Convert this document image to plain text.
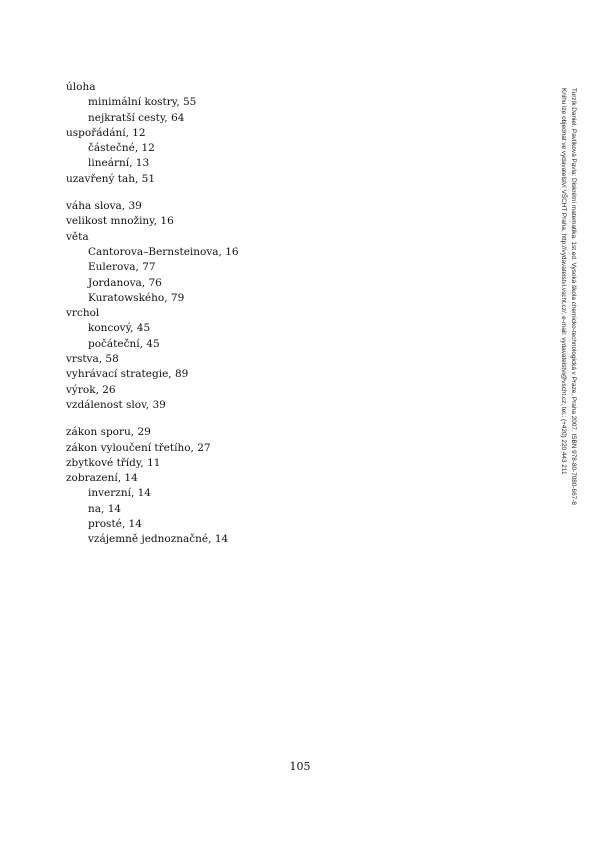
úloha
minimální kostry, 55
nejkratší cesty, 64
uspořádání, 12
částečné, 12
lineární, 13
uzavřený tah, 51
váha slova, 39
velikost množiny, 16
věta
Cantorova–Bernsteinova, 16
Eulerova, 77
Jordanova, 76
Kuratowského, 79
vrchol
koncový, 45
počáteční, 45
vrstva, 58
vyhrávací strategie, 89
výrok, 26
vzdálenost slov, 39
zákon sporu, 29
zákon vyloučení třetího, 27
zbytkové třídy, 11
zobrazení, 14
inverzní, 14
na, 14
prosté, 14
vzájemně jednoznačné, 14
105
Turzík Daniel, Pavlíková Pavla: Diskrétní matematika. 1st ed. Vysoká škola chemicko-technologická v Praze, Praha 2007. ISBN 978-80-7080-667-8
Knihu lze objednat ve vydavatelství VŠCHT Praha, http://vydavatelstvi.vscht.cz/, e-mail: vydavatelstvi@vscht.cz, tel.: (+420) 220 443 211
